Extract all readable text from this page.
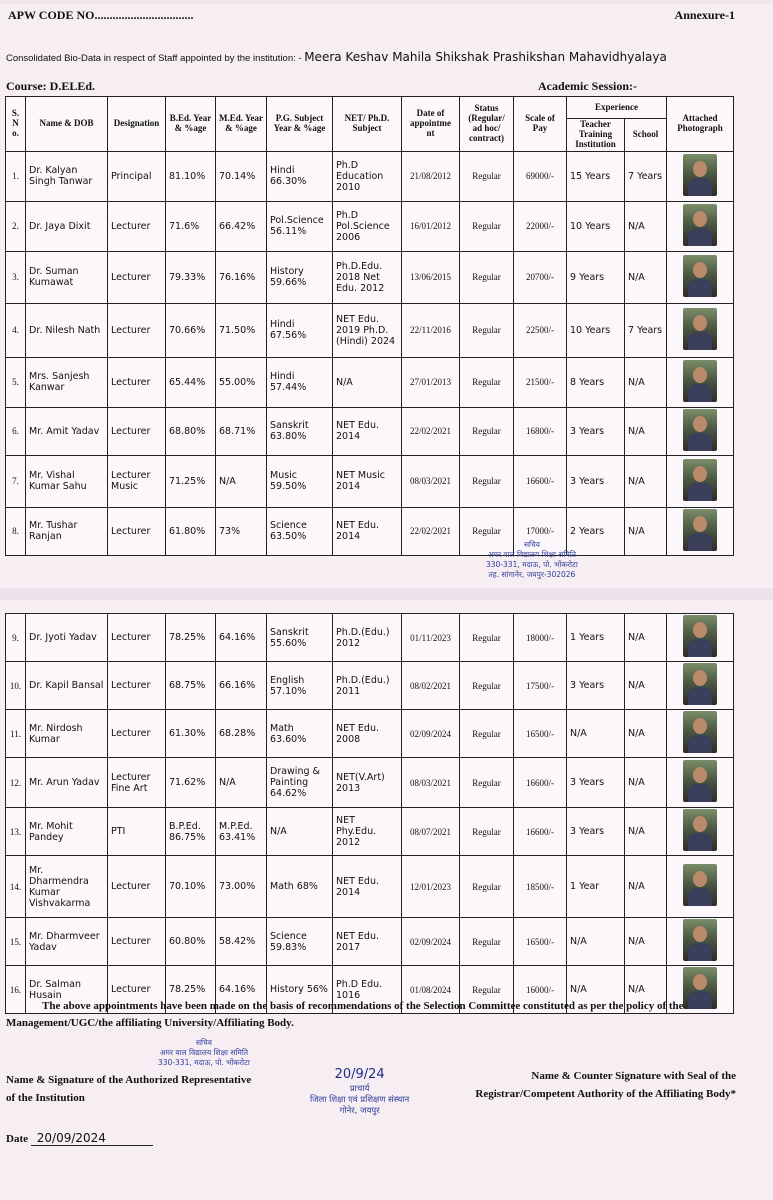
APW CODE NO.................................	Annexure-1
Consolidated Bio-Data in respect of Staff appointed by the institution: - Meera Keshav Mahila Shikshak Prashikshan Mahavidhyalaya
Course: D.ELEd.	Academic Session:-
S. N o.	Name & DOB	Designation	B.Ed. Year & %age	M.Ed. Year & %age	P.G. Subject Year & %age	NET/ Ph.D. Subject	Date of appointme nt	Status (Regular/ ad hoc/ contract)	Scale of Pay	Experience		Attached Photograph
										Teacher Training Institution	School	
1.	Dr. Kalyan Singh Tanwar	Principal	81.10%	70.14%	Hindi 66.30%	Ph.D Education 2010	21/08/2012	Regular	69000/-	15 Years	7 Years	
2.	Dr. Jaya Dixit	Lecturer	71.6%	66.42%	Pol.Science 56.11%	Ph.D Pol.Science 2006	16/01/2012	Regular	22000/-	10 Years	N/A	
3.	Dr. Suman Kumawat	Lecturer	79.33%	76.16%	History 59.66%	Ph.D.Edu. 2018 Net Edu. 2012	13/06/2015	Regular	20700/-	9 Years	N/A	
4.	Dr. Nilesh Nath	Lecturer	70.66%	71.50%	Hindi 67.56%	NET Edu. 2019 Ph.D.(Hindi) 2024	22/11/2016	Regular	22500/-	10 Years	7 Years	
5.	Mrs. Sanjesh Kanwar	Lecturer	65.44%	55.00%	Hindi 57.44%	N/A	27/01/2013	Regular	21500/-	8 Years	N/A	
6.	Mr. Amit Yadav	Lecturer	68.80%	68.71%	Sanskrit 63.80%	NET Edu. 2014	22/02/2021	Regular	16800/-	3 Years	N/A	
7.	Mr. Vishal Kumar Sahu	Lecturer Music	71.25%	N/A	Music 59.50%	NET Music 2014	08/03/2021	Regular	16600/-	3 Years	N/A	
8.	Mr. Tushar Ranjan	Lecturer	61.80%	73%	Science 63.50%	NET Edu. 2014	22/02/2021	Regular	17000/-	2 Years	N/A	
सचिव
अमर वाल विद्यालय शिक्षा समिति
330-331, मदाऊ, पो. भोंकरोटा
तह. सांगानेर, जयपुर-302026
9.	Dr. Jyoti Yadav	Lecturer	78.25%	64.16%	Sanskrit 55.60%	Ph.D.(Edu.) 2012	01/11/2023	Regular	18000/-	1 Years	N/A	
10.	Dr. Kapil Bansal	Lecturer	68.75%	66.16%	English 57.10%	Ph.D.(Edu.) 2011	08/02/2021	Regular	17500/-	3 Years	N/A	
11.	Mr. Nirdosh Kumar	Lecturer	61.30%	68.28%	Math 63.60%	NET Edu. 2008	02/09/2024	Regular	16500/-	N/A	N/A	
12.	Mr. Arun Yadav	Lecturer Fine Art	71.62%	N/A	Drawing & Painting 64.62%	NET(V.Art) 2013	08/03/2021	Regular	16600/-	3 Years	N/A	
13.	Mr. Mohit Pandey	PTI	B.P.Ed. 86.75%	M.P.Ed. 63.41%	N/A	NET Phy.Edu. 2012	08/07/2021	Regular	16600/-	3 Years	N/A	
14.	Mr. Dharmendra Kumar Vishvakarma	Lecturer	70.10%	73.00%	Math 68%	NET Edu. 2014	12/01/2023	Regular	18500/-	1 Year	N/A	
15.	Mr. Dharmveer Yadav	Lecturer	60.80%	58.42%	Science 59.83%	NET Edu. 2017	02/09/2024	Regular	16500/-	N/A	N/A	
16.	Dr. Salman Husain	Lecturer	78.25%	64.16%	History 56%	Ph.D Edu. 1016	01/08/2024	Regular	16000/-	N/A	N/A	
The above appointments have been made on the basis of recommendations of the Selection Committee constituted as per the policy of the Management/UGC/the affiliating University/Affiliating Body.
सचिव
अमर वाल विद्यालय शिक्षा समिति
330-331, मदाऊ, पो. भोंकरोटा
Name & Signature of the Authorized Representative of the Institution
20/9/24
प्राचार्य
जिला शिक्षा एवं प्रशिक्षण संस्थान
गोनेर, जयपुर
Name & Counter Signature with Seal of the Registrar/Competent Authority of the Affiliating Body*
Date 20/09/2024
